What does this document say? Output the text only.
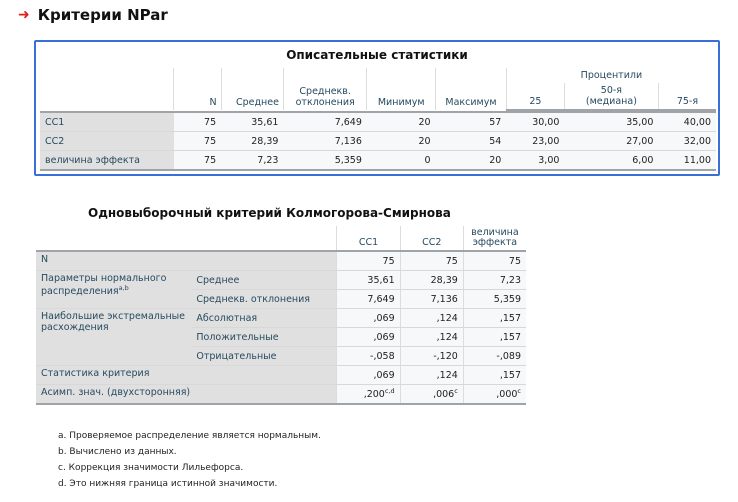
➜ Критерии NPar
Описательные статистики
	N	Среднее	Среднекв.
отклонения	Минимум	Максимум	Процентили		
						25	50-я
(медиана)	75-я

CC1	75	35,61	7,649	20	57	30,00	35,00	40,00
CC2	75	28,39	7,136	20	54	23,00	27,00	32,00
величина эффекта	75	7,23	5,359	0	20	3,00	6,00	11,00
Одновыборочный критерий Колмогорова-Смирнова
		CC1	CC2	величина
эффекта
N		75	75	75
Параметры нормального распределения$^{a,b}$	Среднее	35,61	28,39	7,23
	Среднекв. отклонения	7,649	7,136	5,359
Наибольшие экстремальные расхождения	Абсолютная	,069	,124	,157
	Положительные	,069	,124	,157
	Отрицательные	-,058	-,120	-,089
Статистика критерия		,069	,124	,157
Асимп. знач. (двухсторонняя)		,200$^{c,d}$	,006$^c$	,000$^c$
a. Проверяемое распределение является нормальным.
b. Вычислено из данных.
c. Коррекция значимости Лильефорса.
d. Это нижняя граница истинной значимости.
